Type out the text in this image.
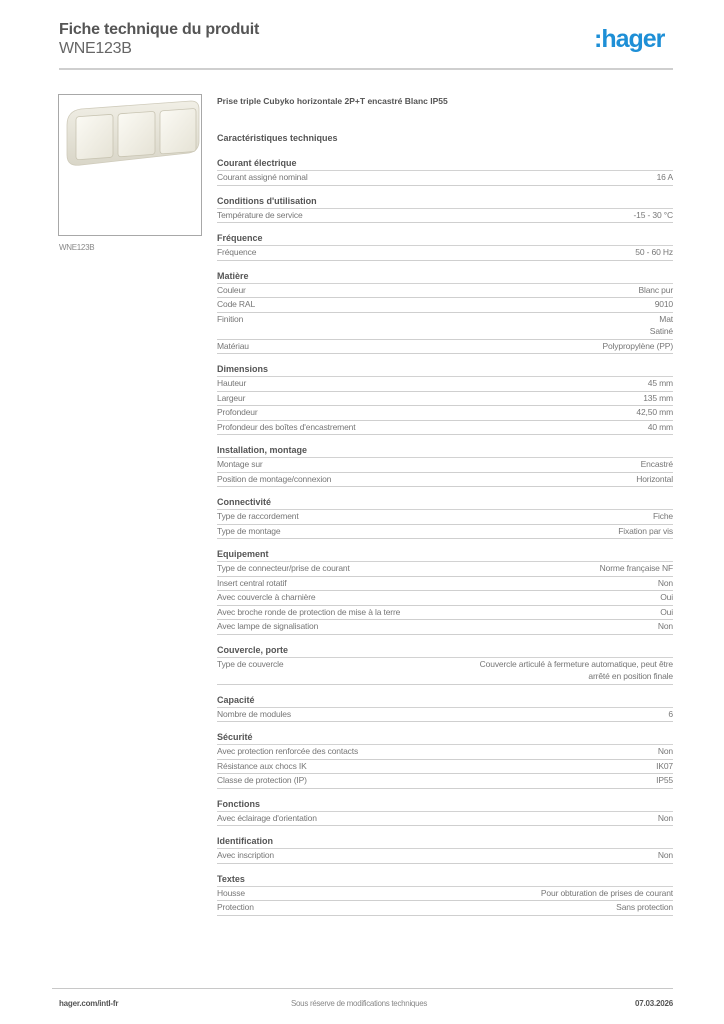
Fiche technique du produit
WNE123B	:hager
WNE123B
Prise triple Cubyko horizontale 2P+T encastré Blanc IP55
Caractéristiques techniques
Courant électrique
Courant assigné nominal	16 A
Conditions d'utilisation
Température de service	-15 - 30 °C
Fréquence
Fréquence	50 - 60 Hz
Matière
Couleur	Blanc pur
Code RAL	9010
Finition	Mat
Satiné
Matériau	Polypropylène (PP)
Dimensions
Hauteur	45 mm
Largeur	135 mm
Profondeur	42,50 mm
Profondeur des boîtes d'encastrement	40 mm
Installation, montage
Montage sur	Encastré
Position de montage/connexion	Horizontal
Connectivité
Type de raccordement	Fiche
Type de montage	Fixation par vis
Equipement
Type de connecteur/prise de courant	Norme française NF
Insert central rotatif	Non
Avec couvercle à charnière	Oui
Avec broche ronde de protection de mise à la terre	Oui
Avec lampe de signalisation	Non
Couvercle, porte
Type de couvercle	Couvercle articulé à fermeture automatique, peut être
arrêté en position finale
Capacité
Nombre de modules	6
Sécurité
Avec protection renforcée des contacts	Non
Résistance aux chocs IK	IK07
Classe de protection (IP)	IP55
Fonctions
Avec éclairage d'orientation	Non
Identification
Avec inscription	Non
Textes
Housse	Pour obturation de prises de courant
Protection	Sans protection
hager.com/intl-fr	Sous réserve de modifications techniques	07.03.2026
